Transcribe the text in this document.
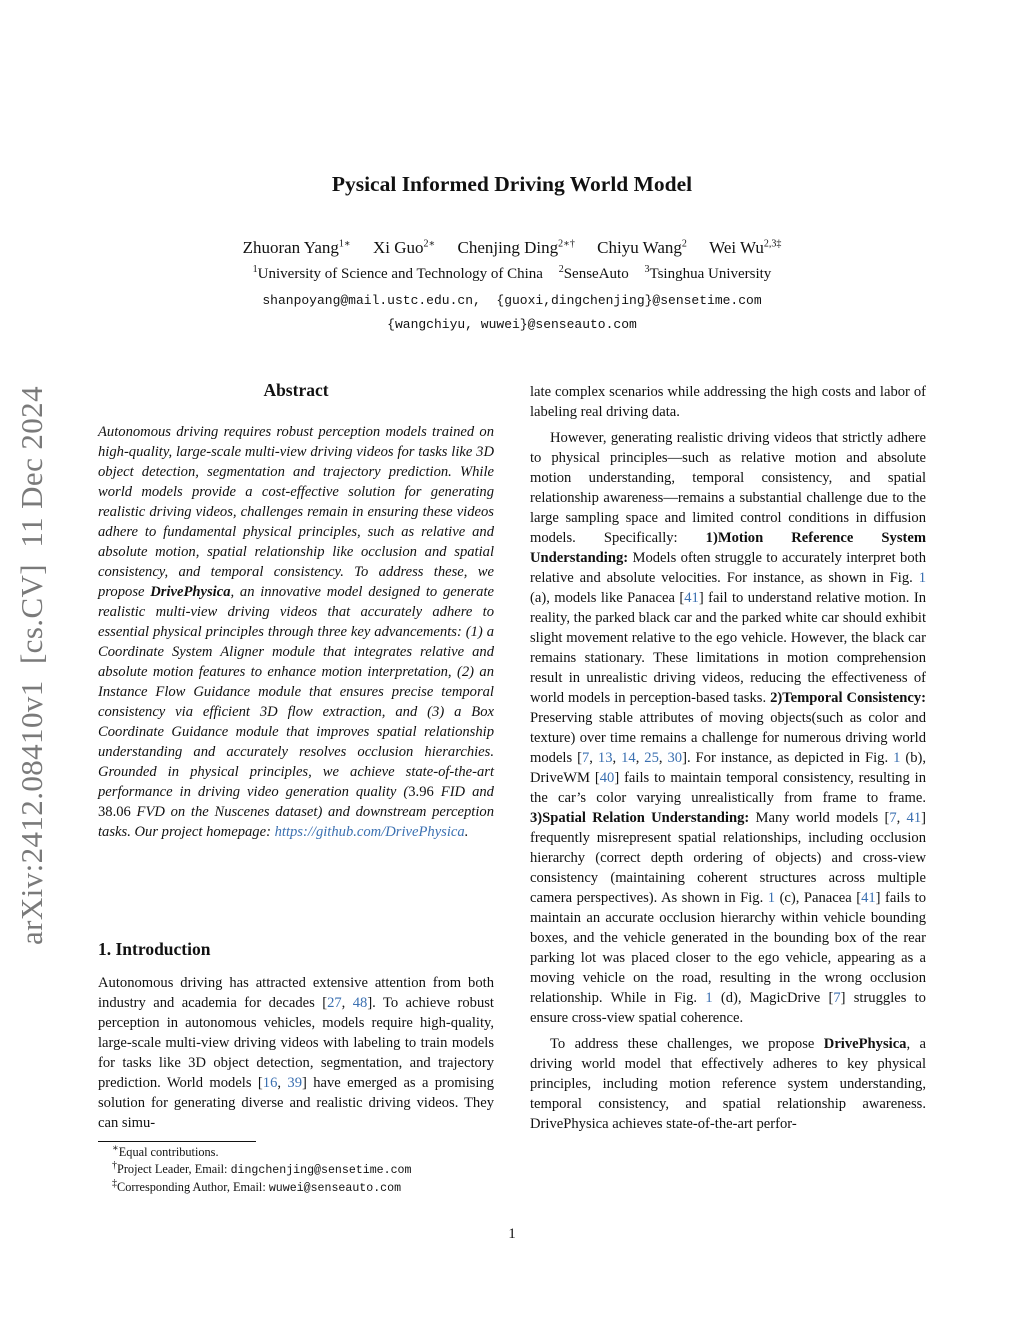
Pysical Informed Driving World Model
Zhuoran Yang$^{1∗}$ Xi Guo$^{2∗}$ Chenjing Ding$^{2∗\dagger}$ Chiyu Wang$^2$ Wei $Wu^{2,3\ddagger}$
$^1$University of Science and Technology of China $^2$SenseAuto $^3$Tsinghua University
shanpoyang@mail.ustc.edu.cn,  {guoxi,dingchenjing}@sensetime.com
{wangchiyu, wuwei}@senseauto.com
arXiv:2412.08410v1  [cs.CV]  11 Dec 2024	Abstract

Autonomous driving requires robust perception models trained on high-quality, large-scale multi-view driving videos for tasks like 3D object detection, segmentation and trajectory prediction. While world models provide a cost-effective solution for generating realistic driving videos, challenges remain in ensuring these videos adhere to fundamental physical principles, such as relative and absolute motion, spatial relationship like occlusion and spatial consistency, and temporal consistency. To address these, we propose DrivePhysica, an innovative model designed to generate realistic multi-view driving videos that accurately adhere to essential physical principles through three key advancements: (1) a Coordinate System Aligner module that integrates relative and absolute motion features to enhance motion interpretation, (2) an Instance Flow Guidance module that ensures precise temporal consistency via efficient 3D flow extraction, and (3) a Box Coordinate Guidance module that improves spatial relationship understanding and accurately resolves occlusion hierarchies. Grounded in physical principles, we achieve state-of-the-art performance in driving video generation quality (3.96 FID and 38.06 FVD on the Nuscenes dataset) and downstream perception tasks. Our project homepage: https://github.com/DrivePhysica.

1. Introduction

Autonomous driving has attracted extensive attention from both industry and academia for decades [27, 48]. To achieve robust perception in autonomous vehicles, models require high-quality, large-scale multi-view driving videos with labeling to train models for tasks like 3D object detection, segmentation, and trajectory prediction. World models [16, 39] have emerged as a promising solution for generating diverse and realistic driving videos. They can simu-

∗Equal contributions.
†Project Leader, Email: dingchenjing@sensetime.com
‡Corresponding Author, Email: wuwei@senseauto.com

late complex scenarios while addressing the high costs and labor of labeling real driving data.

However, generating realistic driving videos that strictly adhere to physical principles—such as relative motion and absolute motion understanding, temporal consistency, and spatial relationship awareness—remains a substantial challenge due to the large sampling space and limited control conditions in diffusion models. Specifically: 1)Motion Reference System Understanding: Models often struggle to accurately interpret both relative and absolute velocities. For instance, as shown in Fig. 1 (a), models like Panacea [41] fail to understand relative motion. In reality, the parked black car and the parked white car should exhibit slight movement relative to the ego vehicle. However, the black car remains stationary. These limitations in motion comprehension result in unrealistic driving videos, reducing the effectiveness of world models in perception-based tasks. 2)Temporal Consistency: Preserving stable attributes of moving objects(such as color and texture) over time remains a challenge for numerous driving world models [7, 13, 14, 25, 30]. For instance, as depicted in Fig. 1 (b), DriveWM [40] fails to maintain temporal consistency, resulting in the car’s color varying unrealistically from frame to frame. 3)Spatial Relation Understanding: Many world models [7, 41] frequently misrepresent spatial relationships, including occlusion hierarchy (correct depth ordering of objects) and cross-view consistency (maintaining coherent structures across multiple camera perspectives). As shown in Fig. 1 (c), Panacea [41] fails to maintain an accurate occlusion hierarchy within vehicle bounding boxes, and the vehicle generated in the bounding box of the rear parking lot was placed closer to the ego vehicle, appearing as a moving vehicle on the road, resulting in the wrong occlusion relationship. While in Fig. 1 (d), MagicDrive [7] struggles to ensure cross-view spatial coherence.

To address these challenges, we propose DrivePhysica, a driving world model that effectively adheres to key physical principles, including motion reference system understanding, temporal consistency, and spatial relationship awareness. DrivePhysica achieves state-of-the-art perfor-

1
